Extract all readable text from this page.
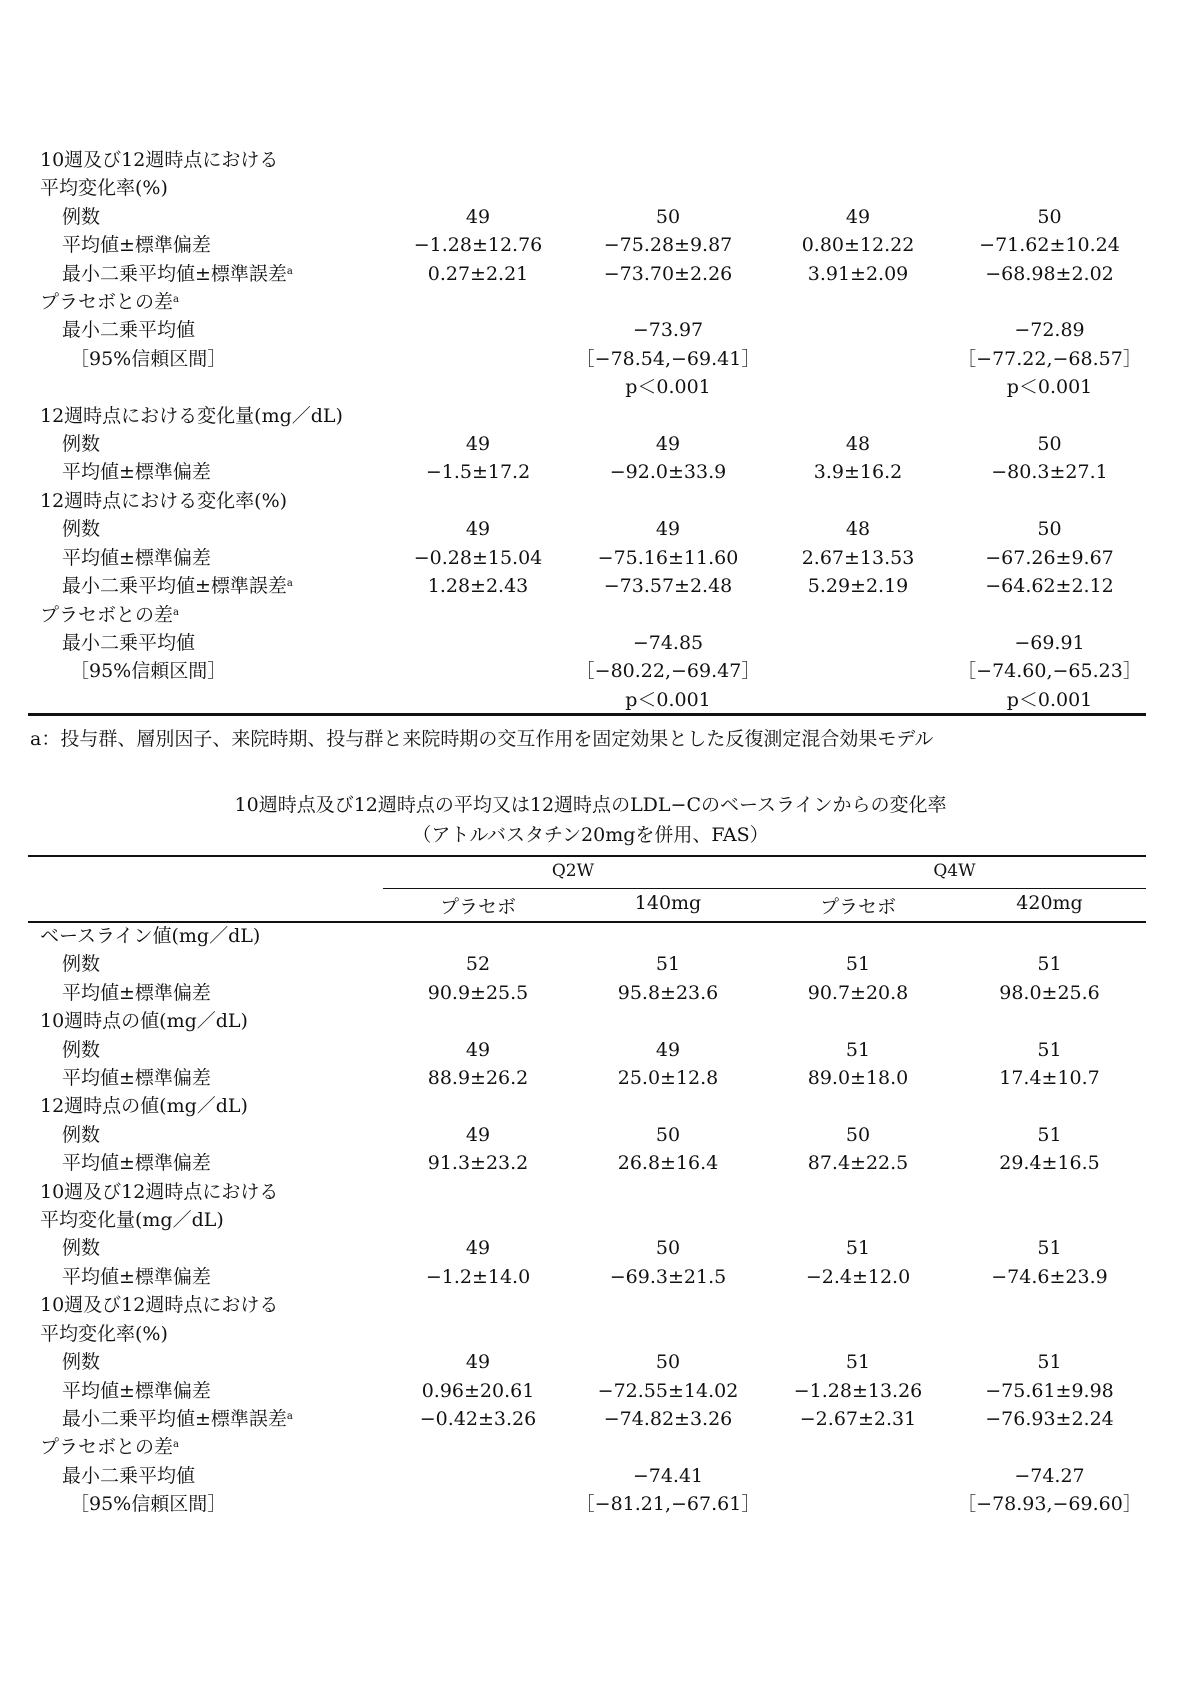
10週及び12週時点における				
平均変化率(%)				
例数	49	50	49	50
平均値±標準偏差	−1.28±12.76	−75.28±9.87	0.80±12.22	−71.62±10.24
最小二乗平均値±標準誤差$^a$	0.27±2.21	−73.70±2.26	3.91±2.09	−68.98±2.02
プラセボとの差$^a$				
最小二乗平均値		−73.97		−72.89
［95%信頼区間］		［−78.54,−69.41］		［−77.22,−68.57］
		p＜0.001		p＜0.001
12週時点における変化量(mg／dL)				
例数	49	49	48	50
平均値±標準偏差	−1.5±17.2	−92.0±33.9	3.9±16.2	−80.3±27.1
12週時点における変化率(%)				
例数	49	49	48	50
平均値±標準偏差	−0.28±15.04	−75.16±11.60	2.67±13.53	−67.26±9.67
最小二乗平均値±標準誤差$^a$	1.28±2.43	−73.57±2.48	5.29±2.19	−64.62±2.12
プラセボとの差$^a$				
最小二乗平均値		−74.85		−69.91
［95%信頼区間］		［−80.22,−69.47］		［−74.60,−65.23］
		p＜0.001		p＜0.001
a：投与群、層別因子、来院時期、投与群と来院時期の交互作用を固定効果とした反復測定混合効果モデル
10週時点及び12週時点の平均又は12週時点のLDL−Cのベースラインからの変化率
（アトルバスタチン20mgを併用、FAS）
Q2W	Q4W
プラセボ	140mg	プラセボ	420mg
ベースライン値(mg／dL)				
例数	52	51	51	51
平均値±標準偏差	90.9±25.5	95.8±23.6	90.7±20.8	98.0±25.6
10週時点の値(mg／dL)				
例数	49	49	51	51
平均値±標準偏差	88.9±26.2	25.0±12.8	89.0±18.0	17.4±10.7
12週時点の値(mg／dL)				
例数	49	50	50	51
平均値±標準偏差	91.3±23.2	26.8±16.4	87.4±22.5	29.4±16.5
10週及び12週時点における				
平均変化量(mg／dL)				
例数	49	50	51	51
平均値±標準偏差	−1.2±14.0	−69.3±21.5	−2.4±12.0	−74.6±23.9
10週及び12週時点における				
平均変化率(%)				
例数	49	50	51	51
平均値±標準偏差	0.96±20.61	−72.55±14.02	−1.28±13.26	−75.61±9.98
最小二乗平均値±標準誤差$^a$	−0.42±3.26	−74.82±3.26	−2.67±2.31	−76.93±2.24
プラセボとの差$^a$				
最小二乗平均値		−74.41		−74.27
［95%信頼区間］		［−81.21,−67.61］		［−78.93,−69.60］
